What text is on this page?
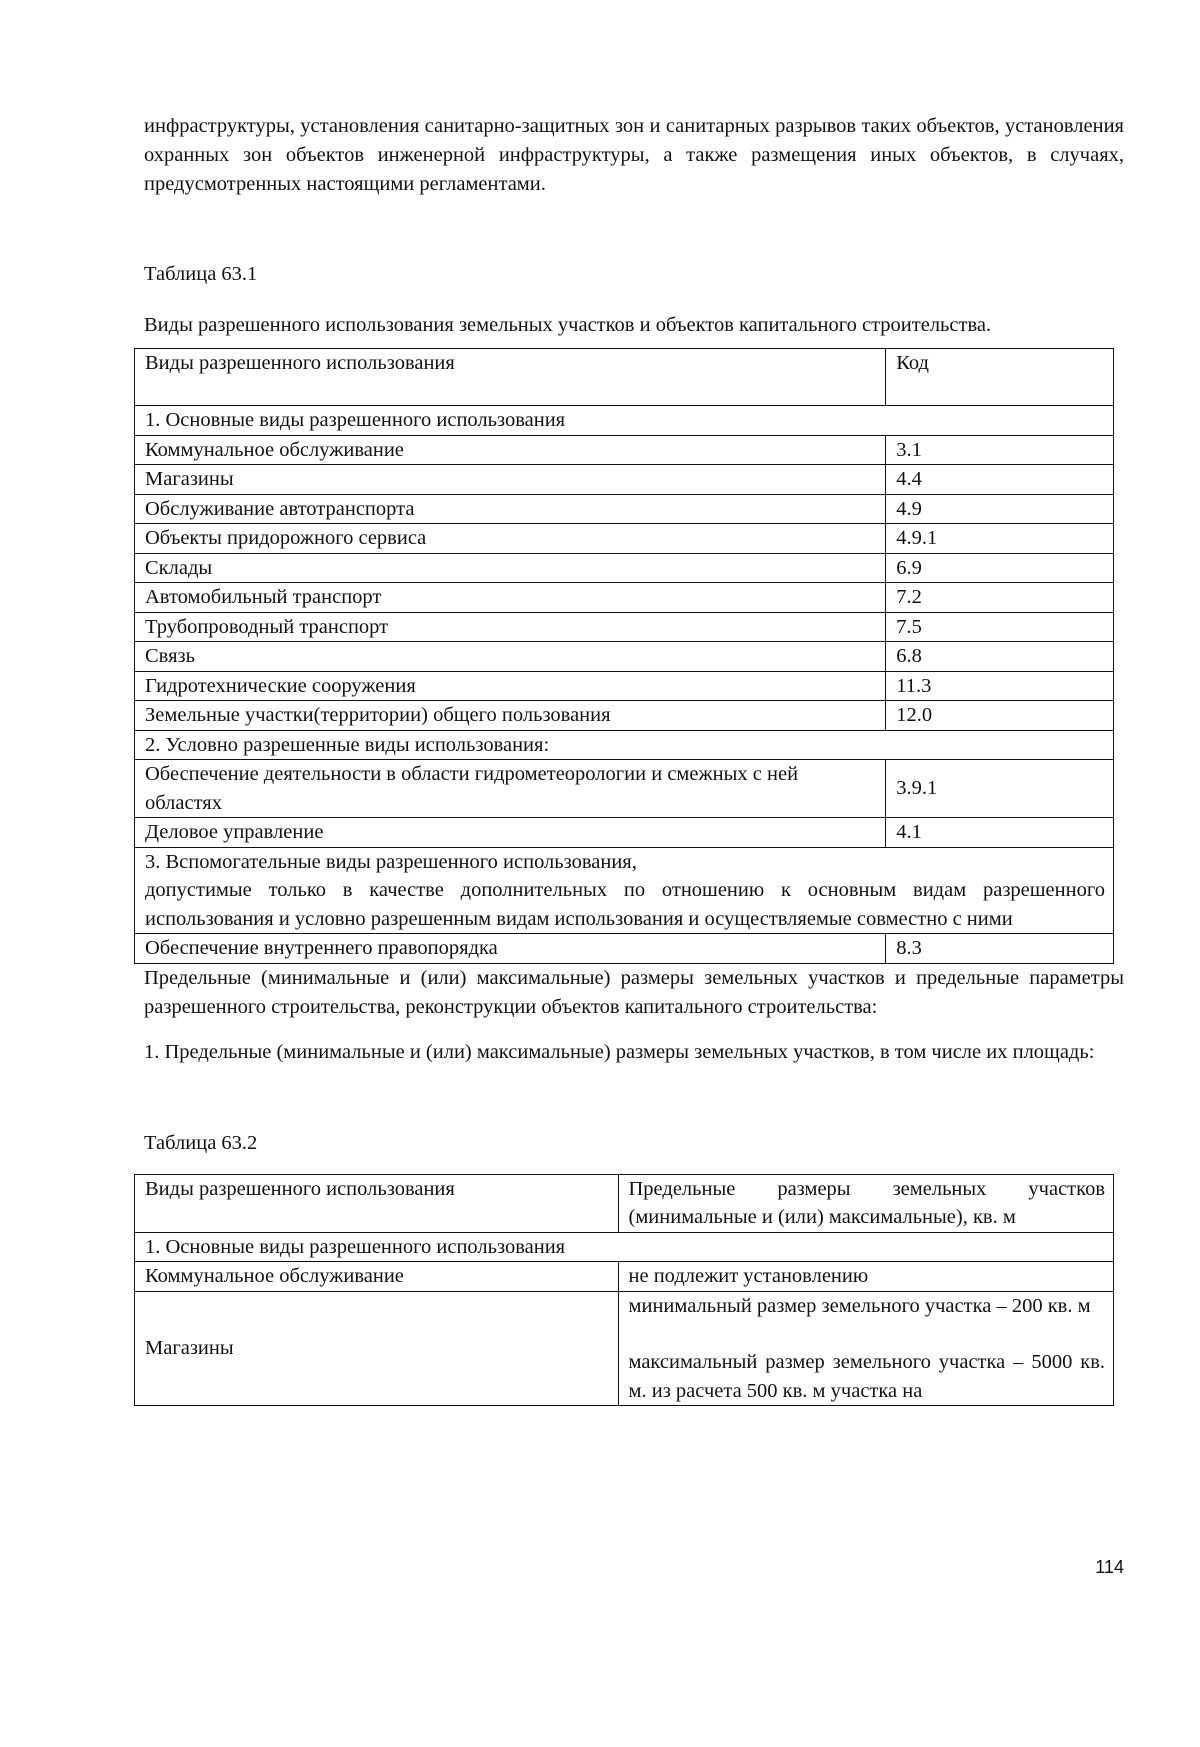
инфраструктуры, установления санитарно-защитных зон и санитарных разрывов таких объектов, установления охранных зон объектов инженерной инфраструктуры, а также размещения иных объектов, в случаях, предусмотренных настоящими регламентами.

Таблица 63.1

Виды разрешенного использования земельных участков и объектов капитального строительства.

Виды разрешенного использования	Код
1. Основные виды разрешенного использования	
Коммунальное обслуживание	3.1
Магазины	4.4
Обслуживание автотранспорта	4.9
Объекты придорожного сервиса	4.9.1
Склады	6.9
Автомобильный транспорт	7.2
Трубопроводный транспорт	7.5
Связь	6.8
Гидротехнические сооружения	11.3
Земельные участки(территории) общего пользования	12.0
2. Условно разрешенные виды использования:	
Обеспечение деятельности в области гидрометеорологии и смежных с ней областях	3.9.1
Деловое управление	4.1

3. Вспомогательные виды разрешенного использования,
допустимые только в качестве дополнительных по отношению к основным видам разрешенного использования и условно разрешенным видам использования и осуществляемые совместно с ними	

Обеспечение внутреннего правопорядка	8.3

Предельные (минимальные и (или) максимальные) размеры земельных участков и предельные параметры разрешенного строительства, реконструкции объектов капитального строительства:

1. Предельные (минимальные и (или) максимальные) размеры земельных участков, в том числе их площадь:

Таблица 63.2

Виды разрешенного использования	Предельные размеры земельных участков (минимальные и (или) максимальные), кв. м
1. Основные виды разрешенного использования	
Коммунальное обслуживание	не подлежит установлению
Магазины	минимальный размер земельного участка – 200 кв. м
максимальный размер земельного участка – 5000 кв. м. из расчета 500 кв. м участка на
114
